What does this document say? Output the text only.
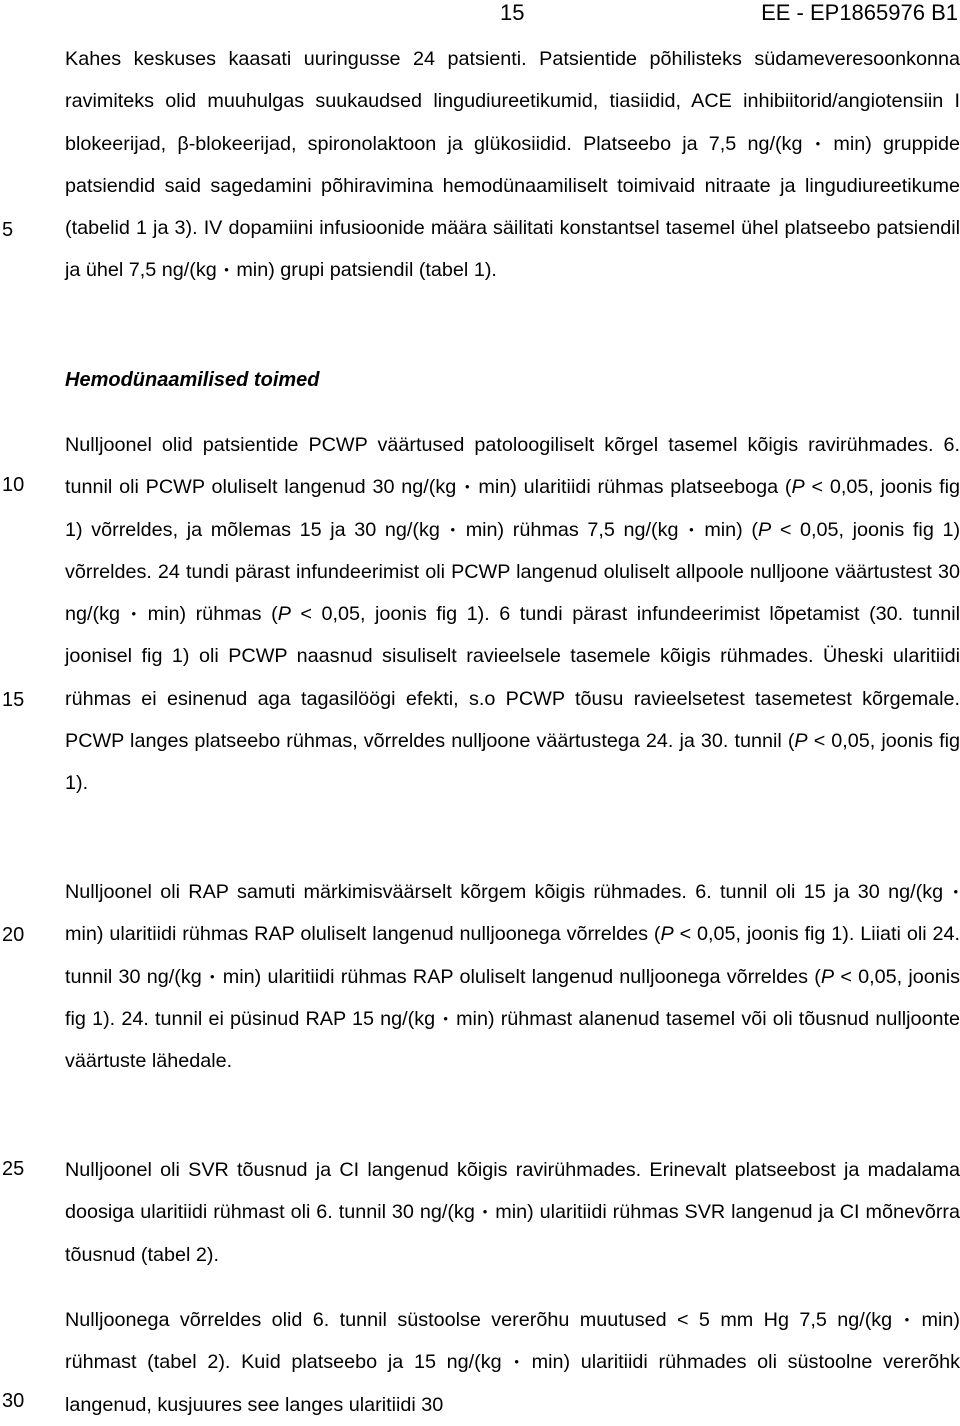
15	EE - EP1865976 B1
5
10
15
20
25
30

Kahes keskuses kaasati uuringusse 24 patsienti. Patsientide põhilisteks südameveresoonkonna ravimiteks olid muuhulgas suukaudsed lingudiureetikumid, tiasiidid, ACE inhibiitorid/angiotensiin I blokeerijad, β-blokeerijad, spironolaktoon ja glükosiidid. Platseebo ja 7,5 ng/(kg • min) gruppide patsiendid said sagedamini põhiravimina hemodünaamiliselt toimivaid nitraate ja lingudiureetikume (tabelid 1 ja 3). IV dopamiini infusioonide määra säilitati konstantsel tasemel ühel platseebo patsiendil ja ühel 7,5 ng/(kg • min) grupi patsiendil (tabel 1).

Hemodünaamilised toimed

Nulljoonel olid patsientide PCWP väärtused patoloogiliselt kõrgel tasemel kõigis ravirühmades. 6. tunnil oli PCWP oluliselt langenud 30 ng/(kg • min) ularitiidi rühmas platseeboga (P < 0,05, joonis fig 1) võrreldes, ja mõlemas 15 ja 30 ng/(kg • min) rühmas 7,5 ng/(kg • min) (P < 0,05, joonis fig 1) võrreldes. 24 tundi pärast infundeerimist oli PCWP langenud oluliselt allpoole nulljoone väärtustest 30 ng/(kg • min) rühmas (P < 0,05, joonis fig 1). 6 tundi pärast infundeerimist lõpetamist (30. tunnil joonisel fig 1) oli PCWP naasnud sisuliselt ravieelsele tasemele kõigis rühmades. Üheski ularitiidi rühmas ei esinenud aga tagasilöögi efekti, s.o PCWP tõusu ravieelsetest tasemetest kõrgemale. PCWP langes platseebo rühmas, võrreldes nulljoone väärtustega 24. ja 30. tunnil (P < 0,05, joonis fig 1).

Nulljoonel oli RAP samuti märkimisväärselt kõrgem kõigis rühmades. 6. tunnil oli 15 ja 30 ng/(kg • min) ularitiidi rühmas RAP oluliselt langenud nulljoonega võrreldes (P < 0,05, joonis fig 1). Liiati oli 24. tunnil 30 ng/(kg • min) ularitiidi rühmas RAP oluliselt langenud nulljoonega võrreldes (P < 0,05, joonis fig 1). 24. tunnil ei püsinud RAP 15 ng/(kg • min) rühmast alanenud tasemel või oli tõusnud nulljoonte väärtuste lähedale.

Nulljoonel oli SVR tõusnud ja CI langenud kõigis ravirühmades. Erinevalt platseebost ja madalama doosiga ularitiidi rühmast oli 6. tunnil 30 ng/(kg • min) ularitiidi rühmas SVR langenud ja CI mõnevõrra tõusnud (tabel 2).

Nulljoonega võrreldes olid 6. tunnil süstoolse vererõhu muutused < 5 mm Hg 7,5 ng/(kg • min) rühmast (tabel 2). Kuid platseebo ja 15 ng/(kg • min) ularitiidi rühmades oli süstoolne vererõhk langenud, kusjuures see langes ularitiidi 30
